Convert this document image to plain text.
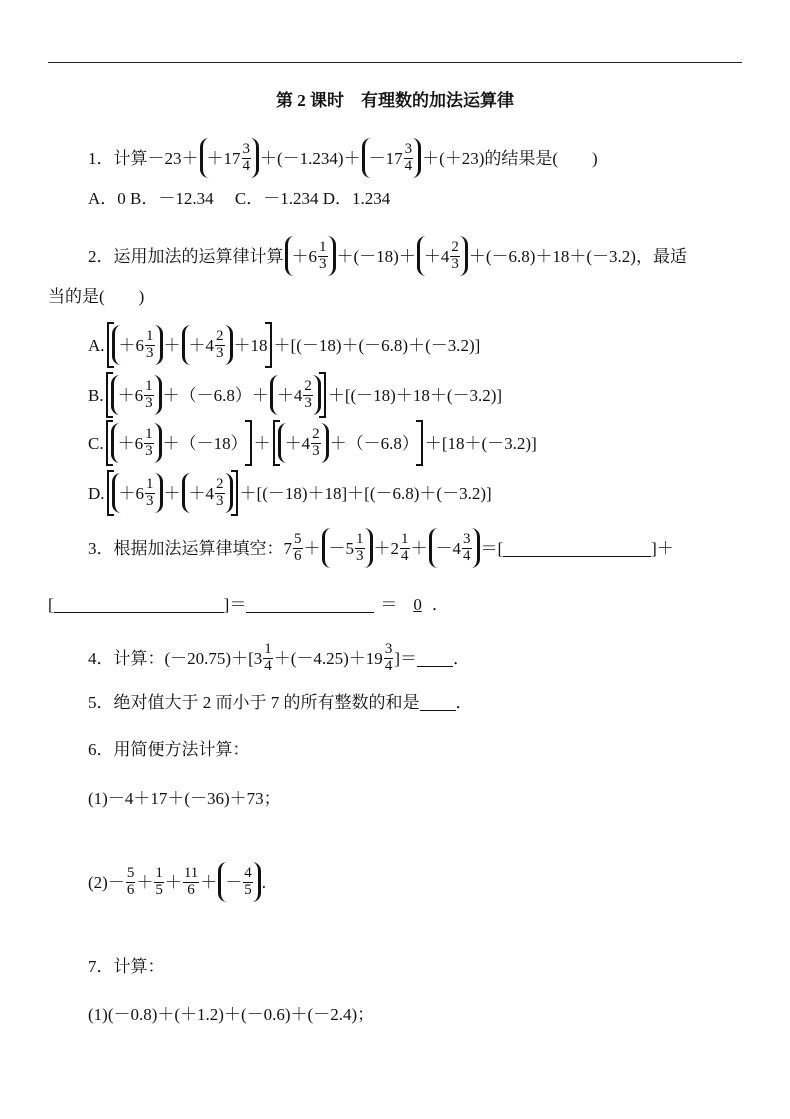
第 2 课时　有理数的加法运算律
1．计算$-23+ +17 \frac{3}{4} +(-1.234)+ -17 \frac{3}{4} +(+23)$的结果是(　　)
A．0 B．－12.34　 C．－1.234 D．1.234
2．运用加法的运算律计算 $+6 \frac{1}{3} +(-18)+ +4 \frac{2}{3} +(-6.8)+18+(-3.2)$，最适
当的是(　　)
A. $+6 \frac{1}{3} + +4 \frac{2}{3} +18 +[(-18)+(-6.8)+(-3.2)]$
B. $+6 \frac{1}{3} +(-6.8)+ +4 \frac{2}{3} +[(-18)+18+(-3.2)]$
C. $+6 \frac{1}{3} +(-18) + +4 \frac{2}{3} +(-6.8) +[18+(-3.2)]$
D. $+6 \frac{1}{3} + +4 \frac{2}{3} +[(-18)+18]+[(-6.8)+(-3.2)]$
3．根据加法运算律填空： $7 \frac{5}{6} + -5 \frac{1}{3} + 2 \frac{1}{4} + -4 \frac{3}{4}$ ＝[	]＋
[	]＝	＝ 0 ．
4．计算：$(-20.75)+[3 \frac{1}{4} +(-4.25)+19 \frac{3}{4}$ ]＝ ．
5．绝对值大于 2 而小于 7 的所有整数的和是 ．
6．用简便方法计算：
(1)－4＋17＋(－36)＋73；
$(2)- \frac{5}{6} + \frac{1}{5} + \frac{11}{6}$ ＋ － $\frac{4}{5}$ .
7．计算：
(1)(－0.8)＋(＋1.2)＋(－0.6)＋(－2.4)；
